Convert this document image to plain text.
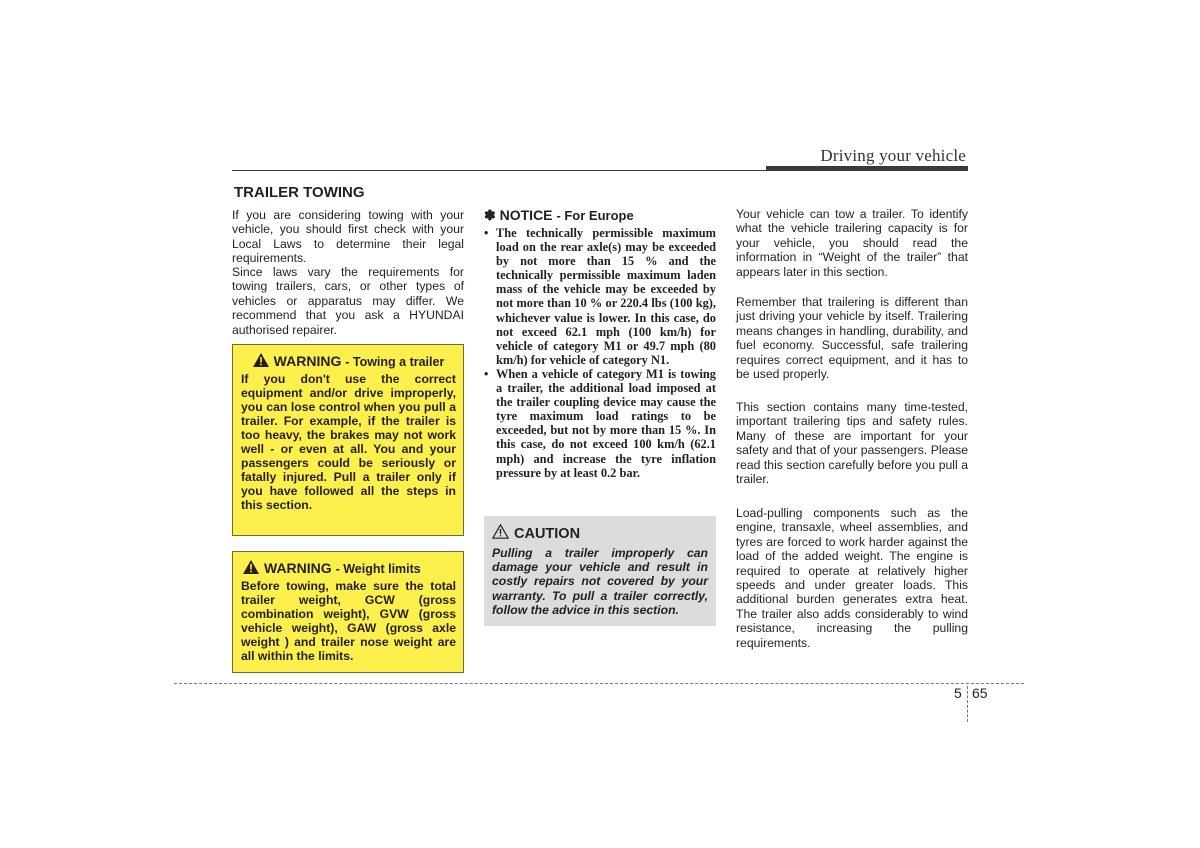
Driving your vehicle
TRAILER TOWING

If you are considering towing with your vehicle, you should first check with your Local Laws to determine their legal requirements.

Since laws vary the requirements for towing trailers, cars, or other types of vehicles or apparatus may differ. We recommend that you ask a HYUNDAI authorised repairer.

WARNING - Towing a trailer
If you don't use the correct equipment and/or drive improperly, you can lose control when you pull a trailer. For example, if the trailer is too heavy, the brakes may not work well - or even at all. You and your passengers could be seriously or fatally injured. Pull a trailer only if you have followed all the steps in this section.
WARNING - Weight limits
Before towing, make sure the total trailer weight, GCW (gross combination weight), GVW (gross vehicle weight), GAW (gross axle weight ) and trailer nose weight are all within the limits.
✽ NOTICE - For Europe
• The technically permissible maximum load on the rear axle(s) may be exceeded by not more than 15 % and the technically permissible maximum laden mass of the vehicle may be exceeded by not more than 10 % or 220.4 lbs (100 kg), whichever value is lower. In this case, do not exceed 62.1 mph (100 km/h) for vehicle of category M1 or 49.7 mph (80 km/h) for vehicle of category N1.
• When a vehicle of category M1 is towing a trailer, the additional load imposed at the trailer coupling device may cause the tyre maximum load ratings to be exceeded, but not by more than 15 %. In this case, do not exceed 100 km/h (62.1 mph) and increase the tyre inflation pressure by at least 0.2 bar.
CAUTION
Pulling a trailer improperly can damage your vehicle and result in costly repairs not covered by your warranty. To pull a trailer correctly, follow the advice in this section.

Your vehicle can tow a trailer. To identify what the vehicle trailering capacity is for your vehicle, you should read the information in “Weight of the trailer” that appears later in this section.

Remember that trailering is different than just driving your vehicle by itself. Trailering means changes in handling, durability, and fuel economy. Successful, safe trailering requires correct equipment, and it has to be used properly.

This section contains many time-tested, important trailering tips and safety rules. Many of these are important for your safety and that of your passengers. Please read this section carefully before you pull a trailer.

Load-pulling components such as the engine, transaxle, wheel assemblies, and tyres are forced to work harder against the load of the added weight. The engine is required to operate at relatively higher speeds and under greater loads. This additional burden generates extra heat. The trailer also adds considerably to wind resistance, increasing the pulling requirements.

5 65
